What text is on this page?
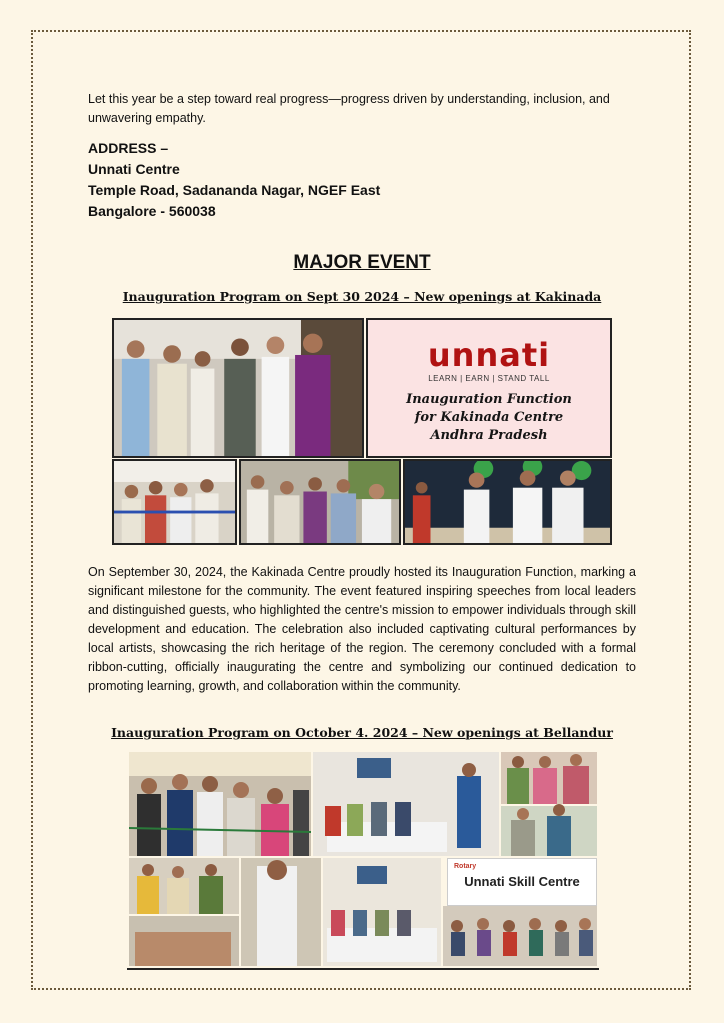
Let this year be a step toward real progress—progress driven by understanding, inclusion, and unwavering empathy.

ADDRESS –
Unnati Centre
Temple Road, Sadananda Nagar, NGEF East
Bangalore - 560038
MAJOR EVENT
Inauguration Program on Sept 30 2024 – New openings at Kakinada
unnati
LEARN | EARN | STAND TALL
Inauguration Function
for Kakinada Centre
Andhra Pradesh

On September 30, 2024, the Kakinada Centre proudly hosted its Inauguration Function, marking a significant milestone for the community. The event featured inspiring speeches from local leaders and distinguished guests, who highlighted the centre's mission to empower individuals through skill development and education. The celebration also included captivating cultural performances by local artists, showcasing the rich heritage of the region. The ceremony concluded with a formal ribbon-cutting, officially inaugurating the centre and symbolizing our continued dedication to promoting learning, growth, and collaboration within the community.

Inauguration Program on October 4. 2024 – New openings at Bellandur
Rotary
Unnati Skill Centre
